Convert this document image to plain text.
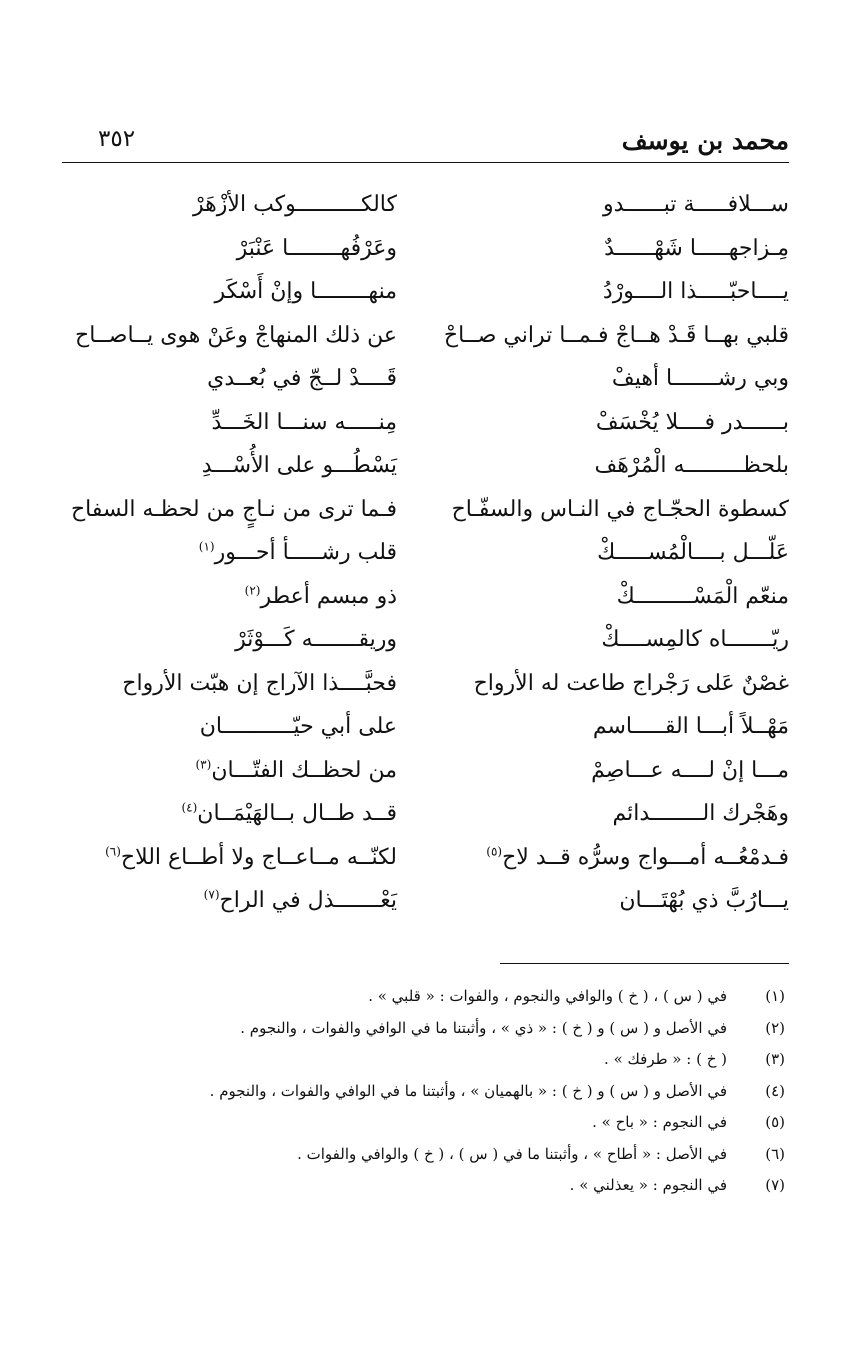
محمد بن يوسف
٣٥٢
ســـلافـــــة تبــــــدو
كالكــــــــــوكب الأزْهَرْ
مِـزاجهـــــا شَهْــــــدٌ
وعَرْفُهــــــــا عَنْبَرْ
يــــاحبّـــــذا الــــورْدُ
منهــــــــا وإنْ أَسْكَر
قلبي بهــا قَـدْ هــاجْ فـمــا تراني صــاحْ
عن ذلك المنهاجْ وعَنْ هوى يــاصــاح
وبي رشـــــــا أهيفْ
قَــــدْ لــجّ في بُعــدي
بــــــدر فــــلا يُخْسَفْ
مِنـــــه سنـــا الخَـــدِّ
بلحظـــــــــه الْمُرْهَف
يَسْطُـــو على الأُسْـــدِ
كسطوة الحجّـاج في النـاس والسفّـاح
فـما ترى من نـاجٍ من لحظـه السفاح
عَلّـــل بــــالْمُســـــكْ
قلب رشـــــأ أحـــور$^{(١)}$
منعّم الْمَسْـــــــــكْ
ذو مبسم أعطر$^{(٢)}$
ريّـــــــاه كالمِســــكْ
وريقـــــــه كَـــوْثَرْ
غصْنٌ عَلى رَجْراج طاعت له الأرواح
فحبَّــــذا الآراج إن هبّت الأرواح
مَهْــلاً أبـــا القـــــاسم
على أبي حيّـــــــــــان
مـــا إنْ لــــه عـــاصِمْ
من لحظــك الفتّـــان$^{(٣)}$
وهَجْرك الــــــــدائم
قــد طــال بــالهَيْمَــان$^{(٤)}$
فـدمْعُــه أمـــواج وسرُّه قــد لاح$^{(٥)}$
لكنّــه مــاعــاج ولا أطــاع اللاح$^{(٦)}$
يـــارُبَّ ذي بُهْتَـــان
يَعْـــــــذل في الراح$^{(٧)}$
(١)
في ( س ) ، ( خ ) والوافي والنجوم ، والفوات : « قلبي » .
(٢)
في الأصل و ( س ) و ( خ ) : « ذي » ، وأثبتنا ما في الوافي والفوات ، والنجوم .
(٣)
( خ ) : « طرفك » .
(٤)
في الأصل و ( س ) و ( خ ) : « بالهميان » ، وأثبتنا ما في الوافي والفوات ، والنجوم .
(٥)
في النجوم : « باح » .
(٦)
في الأصل : « أطاح » ، وأثبتنا ما في ( س ) ، ( خ ) والوافي والفوات .
(٧)
في النجوم : « يعذلني » .
